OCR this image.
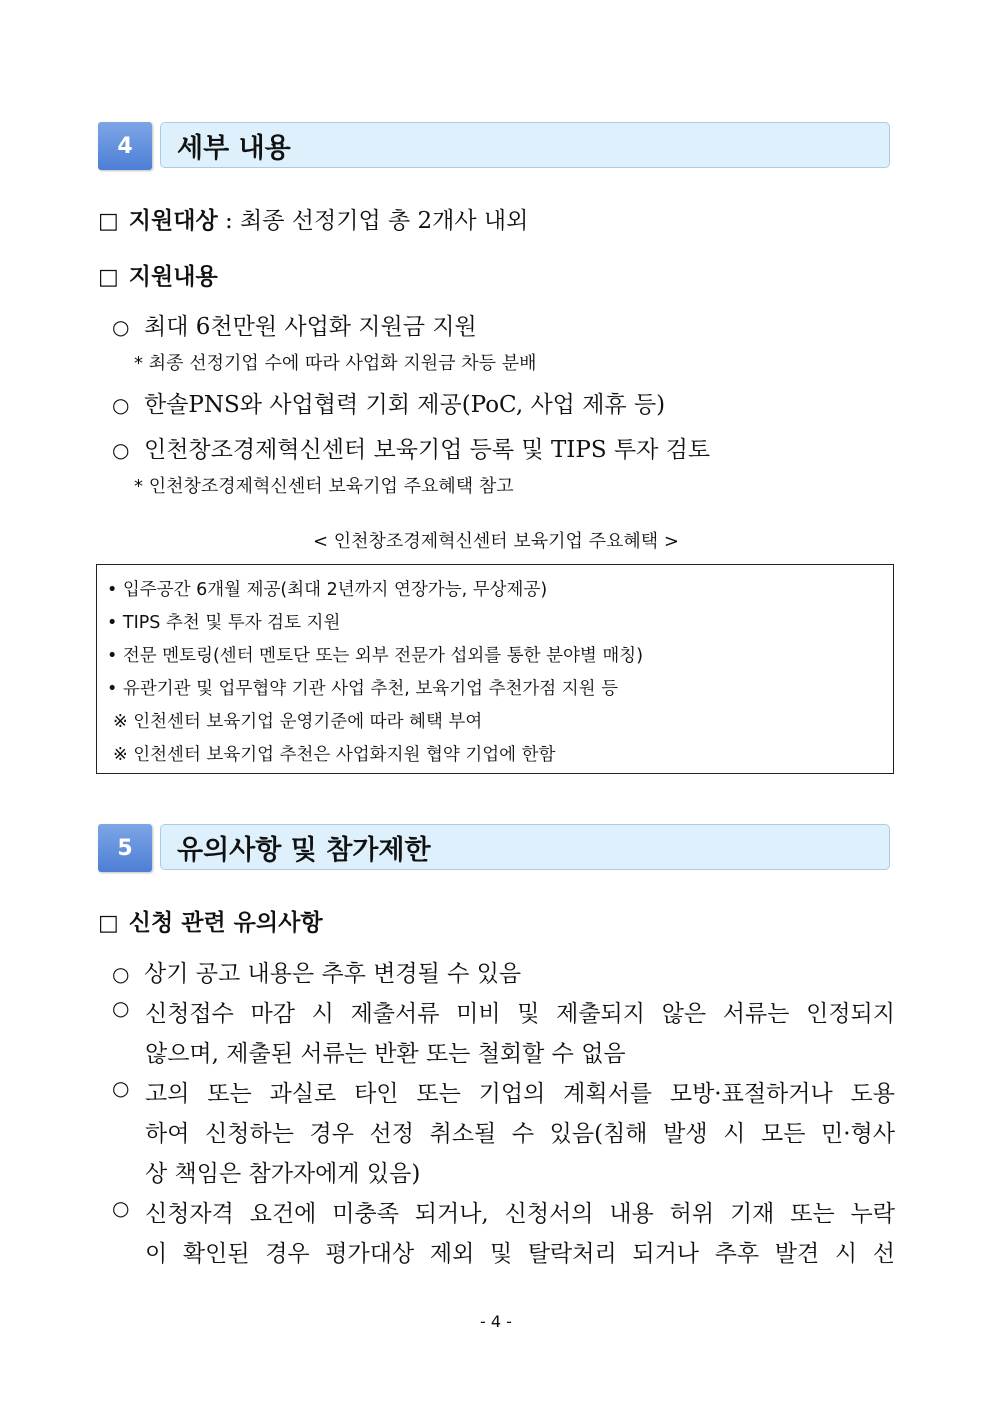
4	세부 내용
□ 지원대상 : 최종 선정기업 총 2개사 내외
□ 지원내용
○ 최대 6천만원 사업화 지원금 지원
* 최종 선정기업 수에 따라 사업화 지원금 차등 분배
○ 한솔PNS와 사업협력 기회 제공(PoC, 사업 제휴 등)
○ 인천창조경제혁신센터 보육기업 등록 및 TIPS 투자 검토
* 인천창조경제혁신센터 보육기업 주요혜택 참고
< 인천창조경제혁신센터 보육기업 주요혜택 >
• 입주공간 6개월 제공(최대 2년까지 연장가능, 무상제공)
• TIPS 추천 및 투자 검토 지원
• 전문 멘토링(센터 멘토단 또는 외부 전문가 섭외를 통한 분야별 매칭)
• 유관기관 및 업무협약 기관 사업 추천, 보육기업 추천가점 지원 등
※ 인천센터 보육기업 운영기준에 따라 혜택 부여
※ 인천센터 보육기업 추천은 사업화지원 협약 기업에 한함
5	유의사항 및 참가제한
□ 신청 관련 유의사항
○ 상기 공고 내용은 추후 변경될 수 있음
○ 신청접수 마감 시 제출서류 미비 및 제출되지 않은 서류는 인정되지
않으며, 제출된 서류는 반환 또는 철회할 수 없음
○ 고의 또는 과실로 타인 또는 기업의 계획서를 모방·표절하거나 도용
하여 신청하는 경우 선정 취소될 수 있음(침해 발생 시 모든 민·형사
상 책임은 참가자에게 있음)
○ 신청자격 요건에 미충족 되거나, 신청서의 내용 허위 기재 또는 누락
이 확인된 경우 평가대상 제외 및 탈락처리 되거나 추후 발견 시 선
- 4 -
